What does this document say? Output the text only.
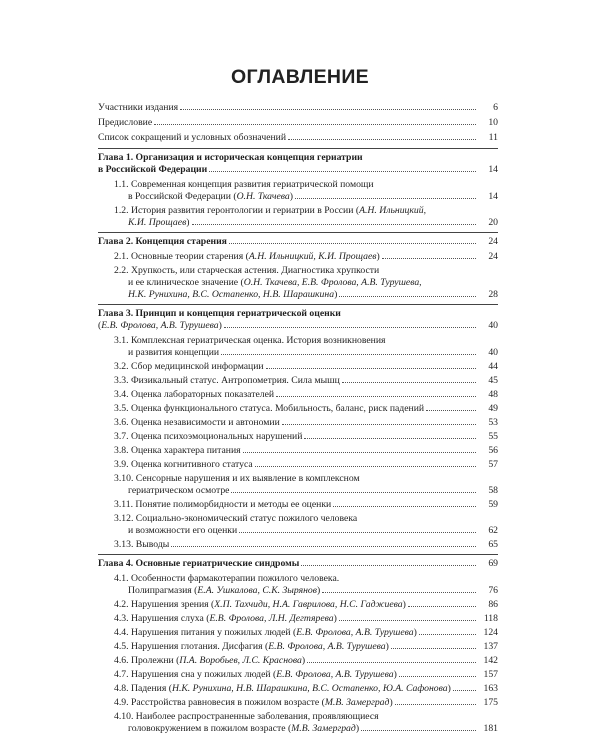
ОГЛАВЛЕНИЕ
Участники издания	6
Предисловие	10
Список сокращений и условных обозначений	11
Глава 1. Организация и историческая концепция гериатрии
в Российской Федерации	14
1.1. Современная концепция развития гериатрической помощи
в Российской Федерации (О.Н. Ткачева)	14
1.2. История развития геронтологии и гериатрии в России (А.Н. Ильницкий,
К.И. Прощаев)	20
Глава 2. Концепция старения	24
2.1. Основные теории старения (А.Н. Ильницкий, К.И. Прощаев)	24
2.2. Хрупкость, или старческая астения. Диагностика хрупкости
и ее клиническое значение (О.Н. Ткачева, Е.В. Фролова, А.В. Турушева,
Н.К. Рунихина, В.С. Остапенко, Н.В. Шарашкина)	28
Глава 3. Принцип и концепция гериатрической оценки
(Е.В. Фролова, А.В. Турушева)	40
3.1. Комплексная гериатрическая оценка. История возникновения
и развития концепции	40
3.2. Сбор медицинской информации	44
3.3. Физикальный статус. Антропометрия. Сила мышц	45
3.4. Оценка лабораторных показателей	48
3.5. Оценка функционального статуса. Мобильность, баланс, риск падений	49
3.6. Оценка независимости и автономии	53
3.7. Оценка психоэмоциональных нарушений	55
3.8. Оценка характера питания	56
3.9. Оценка когнитивного статуса	57
3.10. Сенсорные нарушения и их выявление в комплексном
гериатрическом осмотре	58
3.11. Понятие полиморбидности и методы ее оценки	59
3.12. Социально-экономический статус пожилого человека
и возможности его оценки	62
3.13. Выводы	65
Глава 4. Основные гериатрические синдромы	69
4.1. Особенности фармакотерапии пожилого человека.
Полипрагмазия (Е.А. Ушкалова, С.К. Зырянов)	76
4.2. Нарушения зрения (Х.П. Тахчиди, Н.А. Гаврилова, Н.С. Гаджиева)	86
4.3. Нарушения слуха (Е.В. Фролова, Л.Н. Дегтярева)	118
4.4. Нарушения питания у пожилых людей (Е.В. Фролова, А.В. Турушева)	124
4.5. Нарушения глотания. Дисфагия (Е.В. Фролова, А.В. Турушева)	137
4.6. Пролежни (П.А. Воробьев, Л.С. Краснова)	142
4.7. Нарушения сна у пожилых людей (Е.В. Фролова, А.В. Турушева)	157
4.8. Падения (Н.К. Рунихина, Н.В. Шарашкина, В.С. Остапенко, Ю.А. Сафонова)	163
4.9. Расстройства равновесия в пожилом возрасте (М.В. Замерград)	175
4.10. Наиболее распространенные заболевания, проявляющиеся
головокружением в пожилом возрасте (М.В. Замерград)	181
